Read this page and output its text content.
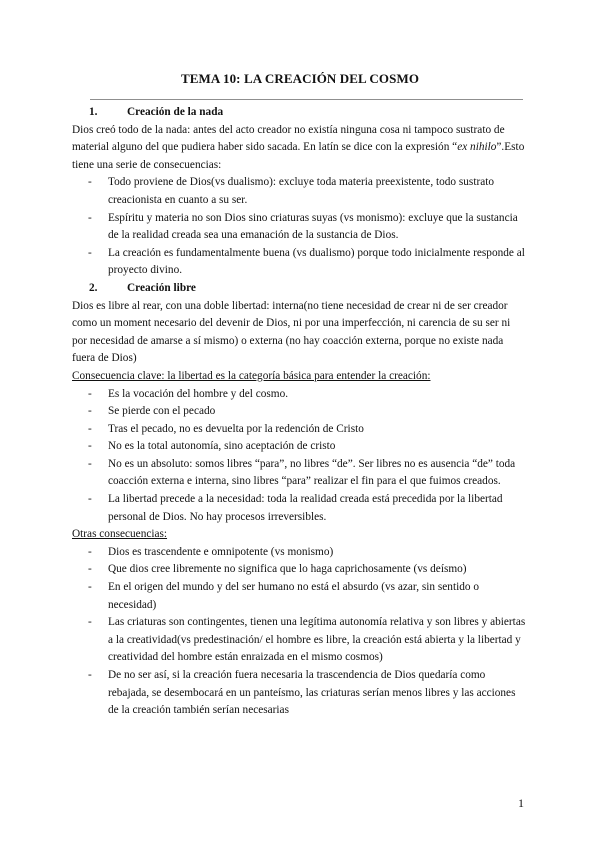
TEMA 10: LA CREACIÓN DEL COSMO
1.	Creación de la nada

Dios creó todo de la nada: antes del acto creador no existía ninguna cosa ni tampoco sustrato de material alguno del que pudiera haber sido sacada. En latín se dice con la expresión “ex nihilo”.Esto tiene una serie de consecuencias:

- Todo proviene de Dios(vs dualismo): excluye toda materia preexistente, todo sustrato creacionista en cuanto a su ser.
- Espíritu y materia no son Dios sino criaturas suyas (vs monismo): excluye que la sustancia de la realidad creada sea una emanación de la sustancia de Dios.
- La creación es fundamentalmente buena (vs dualismo) porque todo inicialmente responde al proyecto divino.
2.	Creación libre

Dios es libre al rear, con una doble libertad: interna(no tiene necesidad de crear ni de ser creador como un moment necesario del devenir de Dios, ni por una imperfección, ni carencia de su ser ni por necesidad de amarse a sí mismo) o externa (no hay coacción externa, porque no existe nada fuera de Dios)

Consecuencia clave: la libertad es la categoría básica para entender la creación:

- Es la vocación del hombre y del cosmo.
- Se pierde con el pecado
- Tras el pecado, no es devuelta por la redención de Cristo
- No es la total autonomía, sino aceptación de cristo
- No es un absoluto: somos libres “para”, no libres “de”. Ser libres no es ausencia “de” toda coacción externa e interna, sino libres “para” realizar el fin para el que fuimos creados.
- La libertad precede a la necesidad: toda la realidad creada está precedida por la libertad personal de Dios. No hay procesos irreversibles.

Otras consecuencias:

- Dios es trascendente e omnipotente (vs monismo)
- Que dios cree libremente no significa que lo haga caprichosamente (vs deísmo)
- En el origen del mundo y del ser humano no está el absurdo (vs azar, sin sentido o necesidad)
- Las criaturas son contingentes, tienen una legítima autonomía relativa y son libres y abiertas a la creatividad(vs predestinación/ el hombre es libre, la creación está abierta y la libertad y creatividad del hombre están enraizada en el mismo cosmos)
- De no ser así, si la creación fuera necesaria la trascendencia de Dios quedaría como rebajada, se desembocará en un panteísmo, las criaturas serían menos libres y las acciones de la creación también serían necesarias
1
